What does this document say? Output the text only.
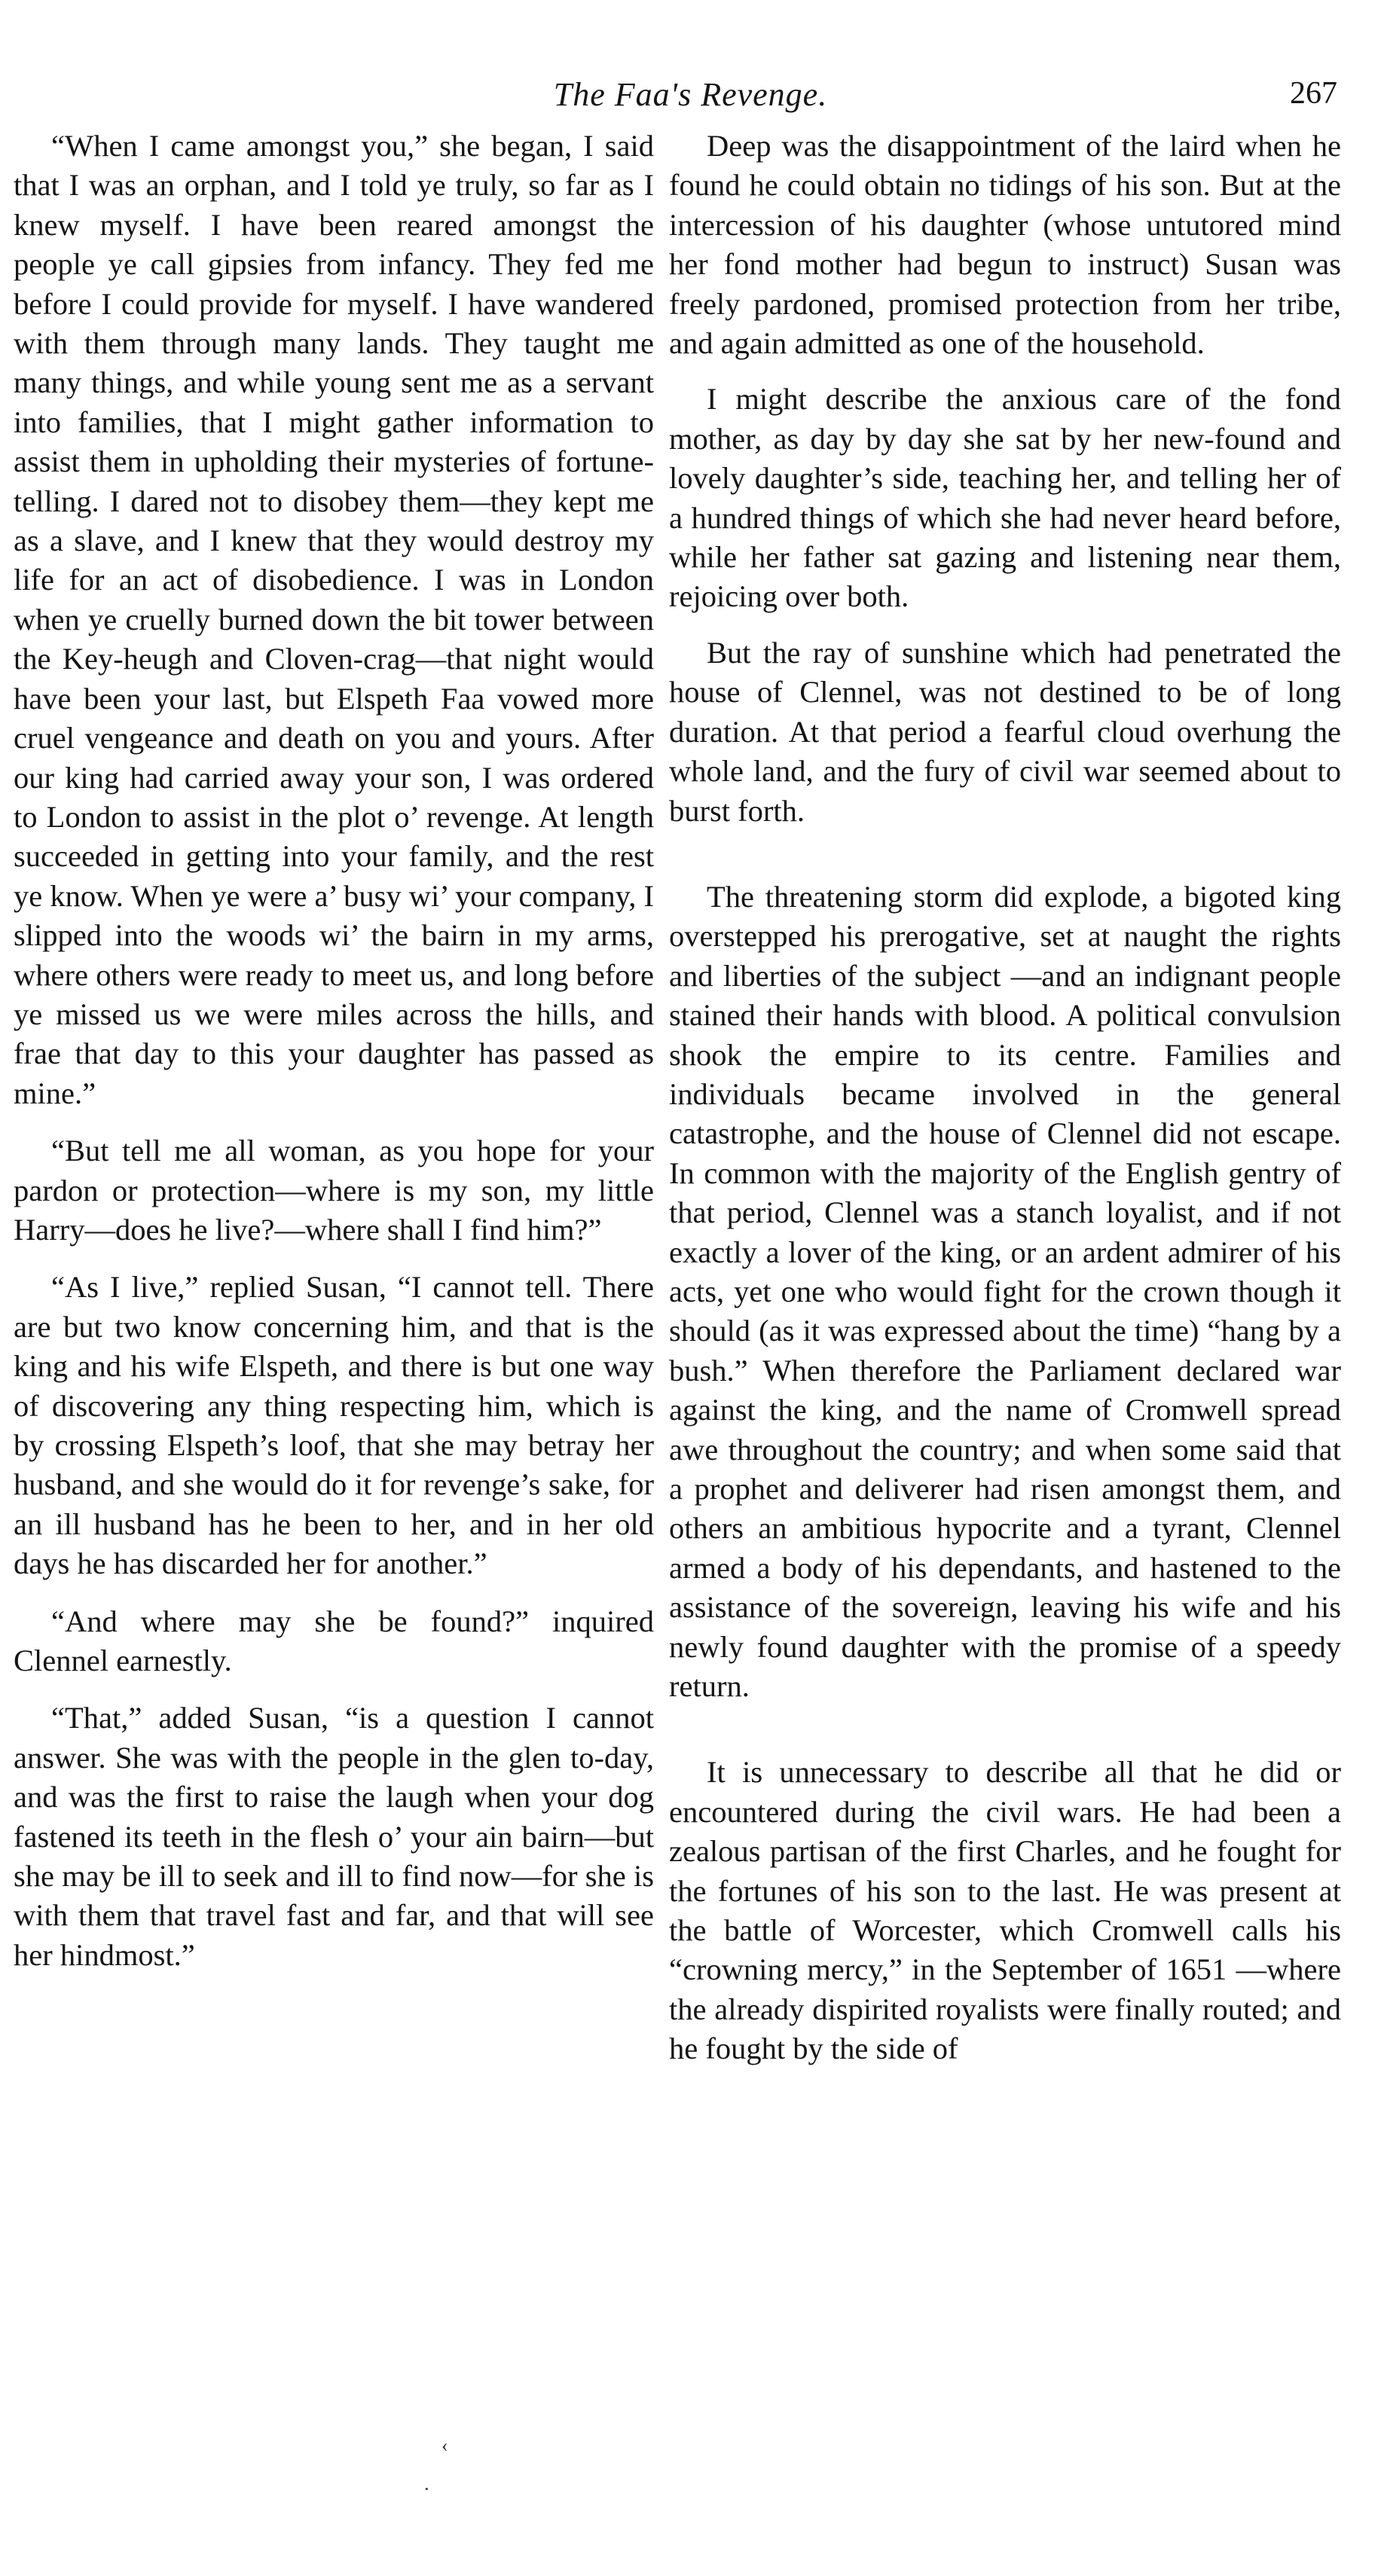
The Faa's Revenge.	267

“When I came amongst you,” she began, I said that I was an orphan, and I told ye truly, so far as I knew myself. I have been reared amongst the people ye call gipsies from infancy. They fed me before I could provide for myself. I have wandered with them through many lands. They taught me many things, and while young sent me as a servant into families, that I might gather information to assist them in upholding their mysteries of fortune-telling. I dared not to disobey them—they kept me as a slave, and I knew that they would destroy my life for an act of disobedience. I was in London when ye cruelly burned down the bit tower between the Key-heugh and Cloven-crag—that night would have been your last, but Elspeth Faa vowed more cruel vengeance and death on you and yours. After our king had carried away your son, I was ordered to London to assist in the plot o’ revenge. At length succeeded in getting into your family, and the rest ye know. When ye were a’ busy wi’ your company, I slipped into the woods wi’ the bairn in my arms, where others were ready to meet us, and long before ye missed us we were miles across the hills, and frae that day to this your daughter has passed as mine.”

“But tell me all woman, as you hope for your pardon or protection—where is my son, my little Harry—does he live?—where shall I find him?”

“As I live,” replied Susan, “I cannot tell. There are but two know concerning him, and that is the king and his wife Elspeth, and there is but one way of discovering any thing respecting him, which is by crossing Elspeth’s loof, that she may betray her husband, and she would do it for revenge’s sake, for an ill husband has he been to her, and in her old days he has discarded her for another.”

“And where may she be found?” inquired Clennel earnestly.

“That,” added Susan, “is a question I cannot answer. She was with the people in the glen to-day, and was the first to raise the laugh when your dog fastened its teeth in the flesh o’ your ain bairn—but she may be ill to seek and ill to find now—for she is with them that travel fast and far, and that will see her hindmost.”

Deep was the disappointment of the laird when he found he could obtain no tidings of his son. But at the intercession of his daughter (whose untutored mind her fond mother had begun to instruct) Susan was freely pardoned, promised protection from her tribe, and again admitted as one of the household.

I might describe the anxious care of the fond mother, as day by day she sat by her new-found and lovely daughter’s side, teaching her, and telling her of a hundred things of which she had never heard before, while her father sat gazing and listening near them, rejoicing over both.

But the ray of sunshine which had penetrated the house of Clennel, was not destined to be of long duration. At that period a fearful cloud overhung the whole land, and the fury of civil war seemed about to burst forth.

The threatening storm did explode, a bigoted king overstepped his prerogative, set at naught the rights and liberties of the subject —and an indignant people stained their hands with blood. A political convulsion shook the empire to its centre. Families and individuals became involved in the general catastrophe, and the house of Clennel did not escape. In common with the majority of the English gentry of that period, Clennel was a stanch loyalist, and if not exactly a lover of the king, or an ardent admirer of his acts, yet one who would fight for the crown though it should (as it was expressed about the time) “hang by a bush.” When therefore the Parliament declared war against the king, and the name of Cromwell spread awe throughout the country; and when some said that a prophet and deliverer had risen amongst them, and others an ambitious hypocrite and a tyrant, Clennel armed a body of his dependants, and hastened to the assistance of the sovereign, leaving his wife and his newly found daughter with the promise of a speedy return.

It is unnecessary to describe all that he did or encountered during the civil wars. He had been a zealous partisan of the first Charles, and he fought for the fortunes of his son to the last. He was present at the battle of Worcester, which Cromwell calls his “crowning mercy,” in the September of 1651 —where the already dispirited royalists were finally routed; and he fought by the side of

‹
·
